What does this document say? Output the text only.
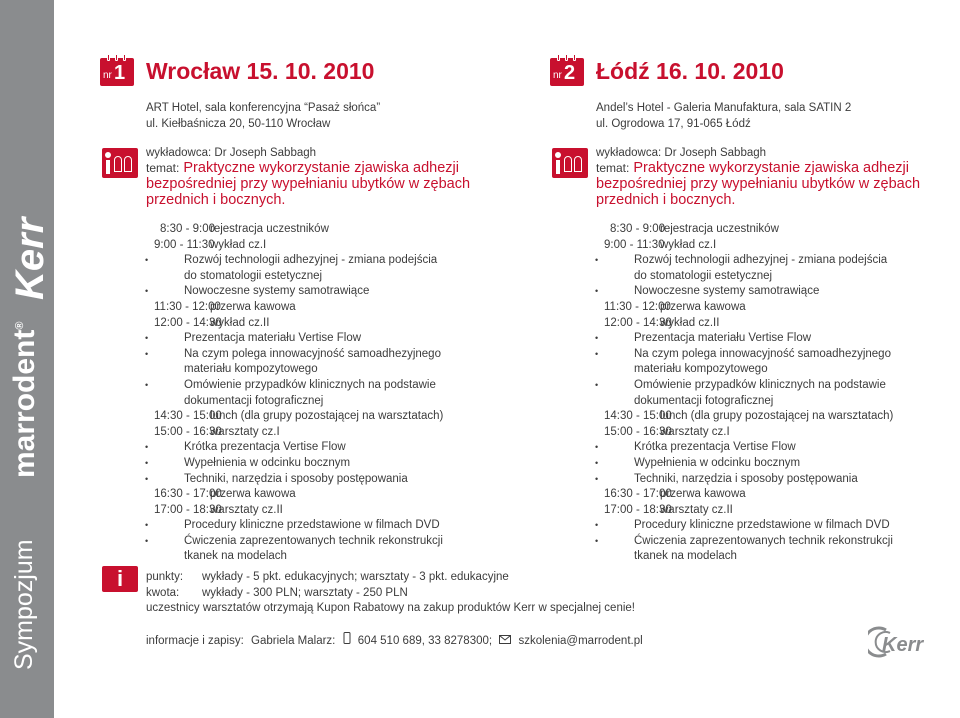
Kerr
marrodent®
Sympozjum
nr 1 Wrocław 15. 10. 2010
ART Hotel, sala konferencyjna “Pasaż słońca”
ul. Kiełbaśnicza 20, 50-110 Wrocław
wykładowca: Dr Joseph Sabbagh
temat: Praktyczne wykorzystanie zjawiska adhezji bezpośredniej przy wypełnianiu ubytków w zębach przednich i bocznych.
8:30 - 9:00
rejestracja uczestników
9:00 - 11:30
wykład cz.I
•	Rozwój technologii adhezyjnej - zmiana podejścia
do stomatologii estetycznej
•	Nowoczesne systemy samotrawiące
11:30 - 12:00
przerwa kawowa
12:00 - 14:30
wykład cz.II
•	Prezentacja materiału Vertise Flow
•	Na czym polega innowacyjność samoadhezyjnego
materiału kompozytowego
•	Omówienie przypadków klinicznych na podstawie
dokumentacji fotograficznej
14:30 - 15:00
lunch (dla grupy pozostającej na warsztatach)
15:00 - 16:30
warsztaty cz.I
•	Krótka prezentacja Vertise Flow
•	Wypełnienia w odcinku bocznym
•	Techniki, narzędzia i sposoby postępowania
16:30 - 17:00
przerwa kawowa
17:00 - 18:30
warsztaty cz.II
•	Procedury kliniczne przedstawione w filmach DVD
•	Ćwiczenia zaprezentowanych technik rekonstrukcji
tkanek na modelach
nr 2 Łódź 16. 10. 2010
Andel’s Hotel - Galeria Manufaktura, sala SATIN 2
ul. Ogrodowa 17, 91-065 Łódź
wykładowca: Dr Joseph Sabbagh
temat: Praktyczne wykorzystanie zjawiska adhezji bezpośredniej przy wypełnianiu ubytków w zębach przednich i bocznych.
8:30 - 9:00
rejestracja uczestników
9:00 - 11:30
wykład cz.I
•	Rozwój technologii adhezyjnej - zmiana podejścia
do stomatologii estetycznej
•	Nowoczesne systemy samotrawiące
11:30 - 12:00
przerwa kawowa
12:00 - 14:30
wykład cz.II
•	Prezentacja materiału Vertise Flow
•	Na czym polega innowacyjność samoadhezyjnego
materiału kompozytowego
•	Omówienie przypadków klinicznych na podstawie
dokumentacji fotograficznej
14:30 - 15:00
lunch (dla grupy pozostającej na warsztatach)
15:00 - 16:30
warsztaty cz.I
•	Krótka prezentacja Vertise Flow
•	Wypełnienia w odcinku bocznym
•	Techniki, narzędzia i sposoby postępowania
16:30 - 17:00
przerwa kawowa
17:00 - 18:30
warsztaty cz.II
•	Procedury kliniczne przedstawione w filmach DVD
•	Ćwiczenia zaprezentowanych technik rekonstrukcji
tkanek na modelach
i	punkty: wykłady - 5 pkt. edukacyjnych; warsztaty - 3 pkt. edukacyjne
kwota: wykłady - 300 PLN; warsztaty - 250 PLN
uczestnicy warsztatów otrzymają Kupon Rabatowy na zakup produktów Kerr w specjalnej cenie!
informacje i zapisy: Gabriela Malarz: 604 510 689, 33 8278300; szkolenia@marrodent.pl	Kerr
